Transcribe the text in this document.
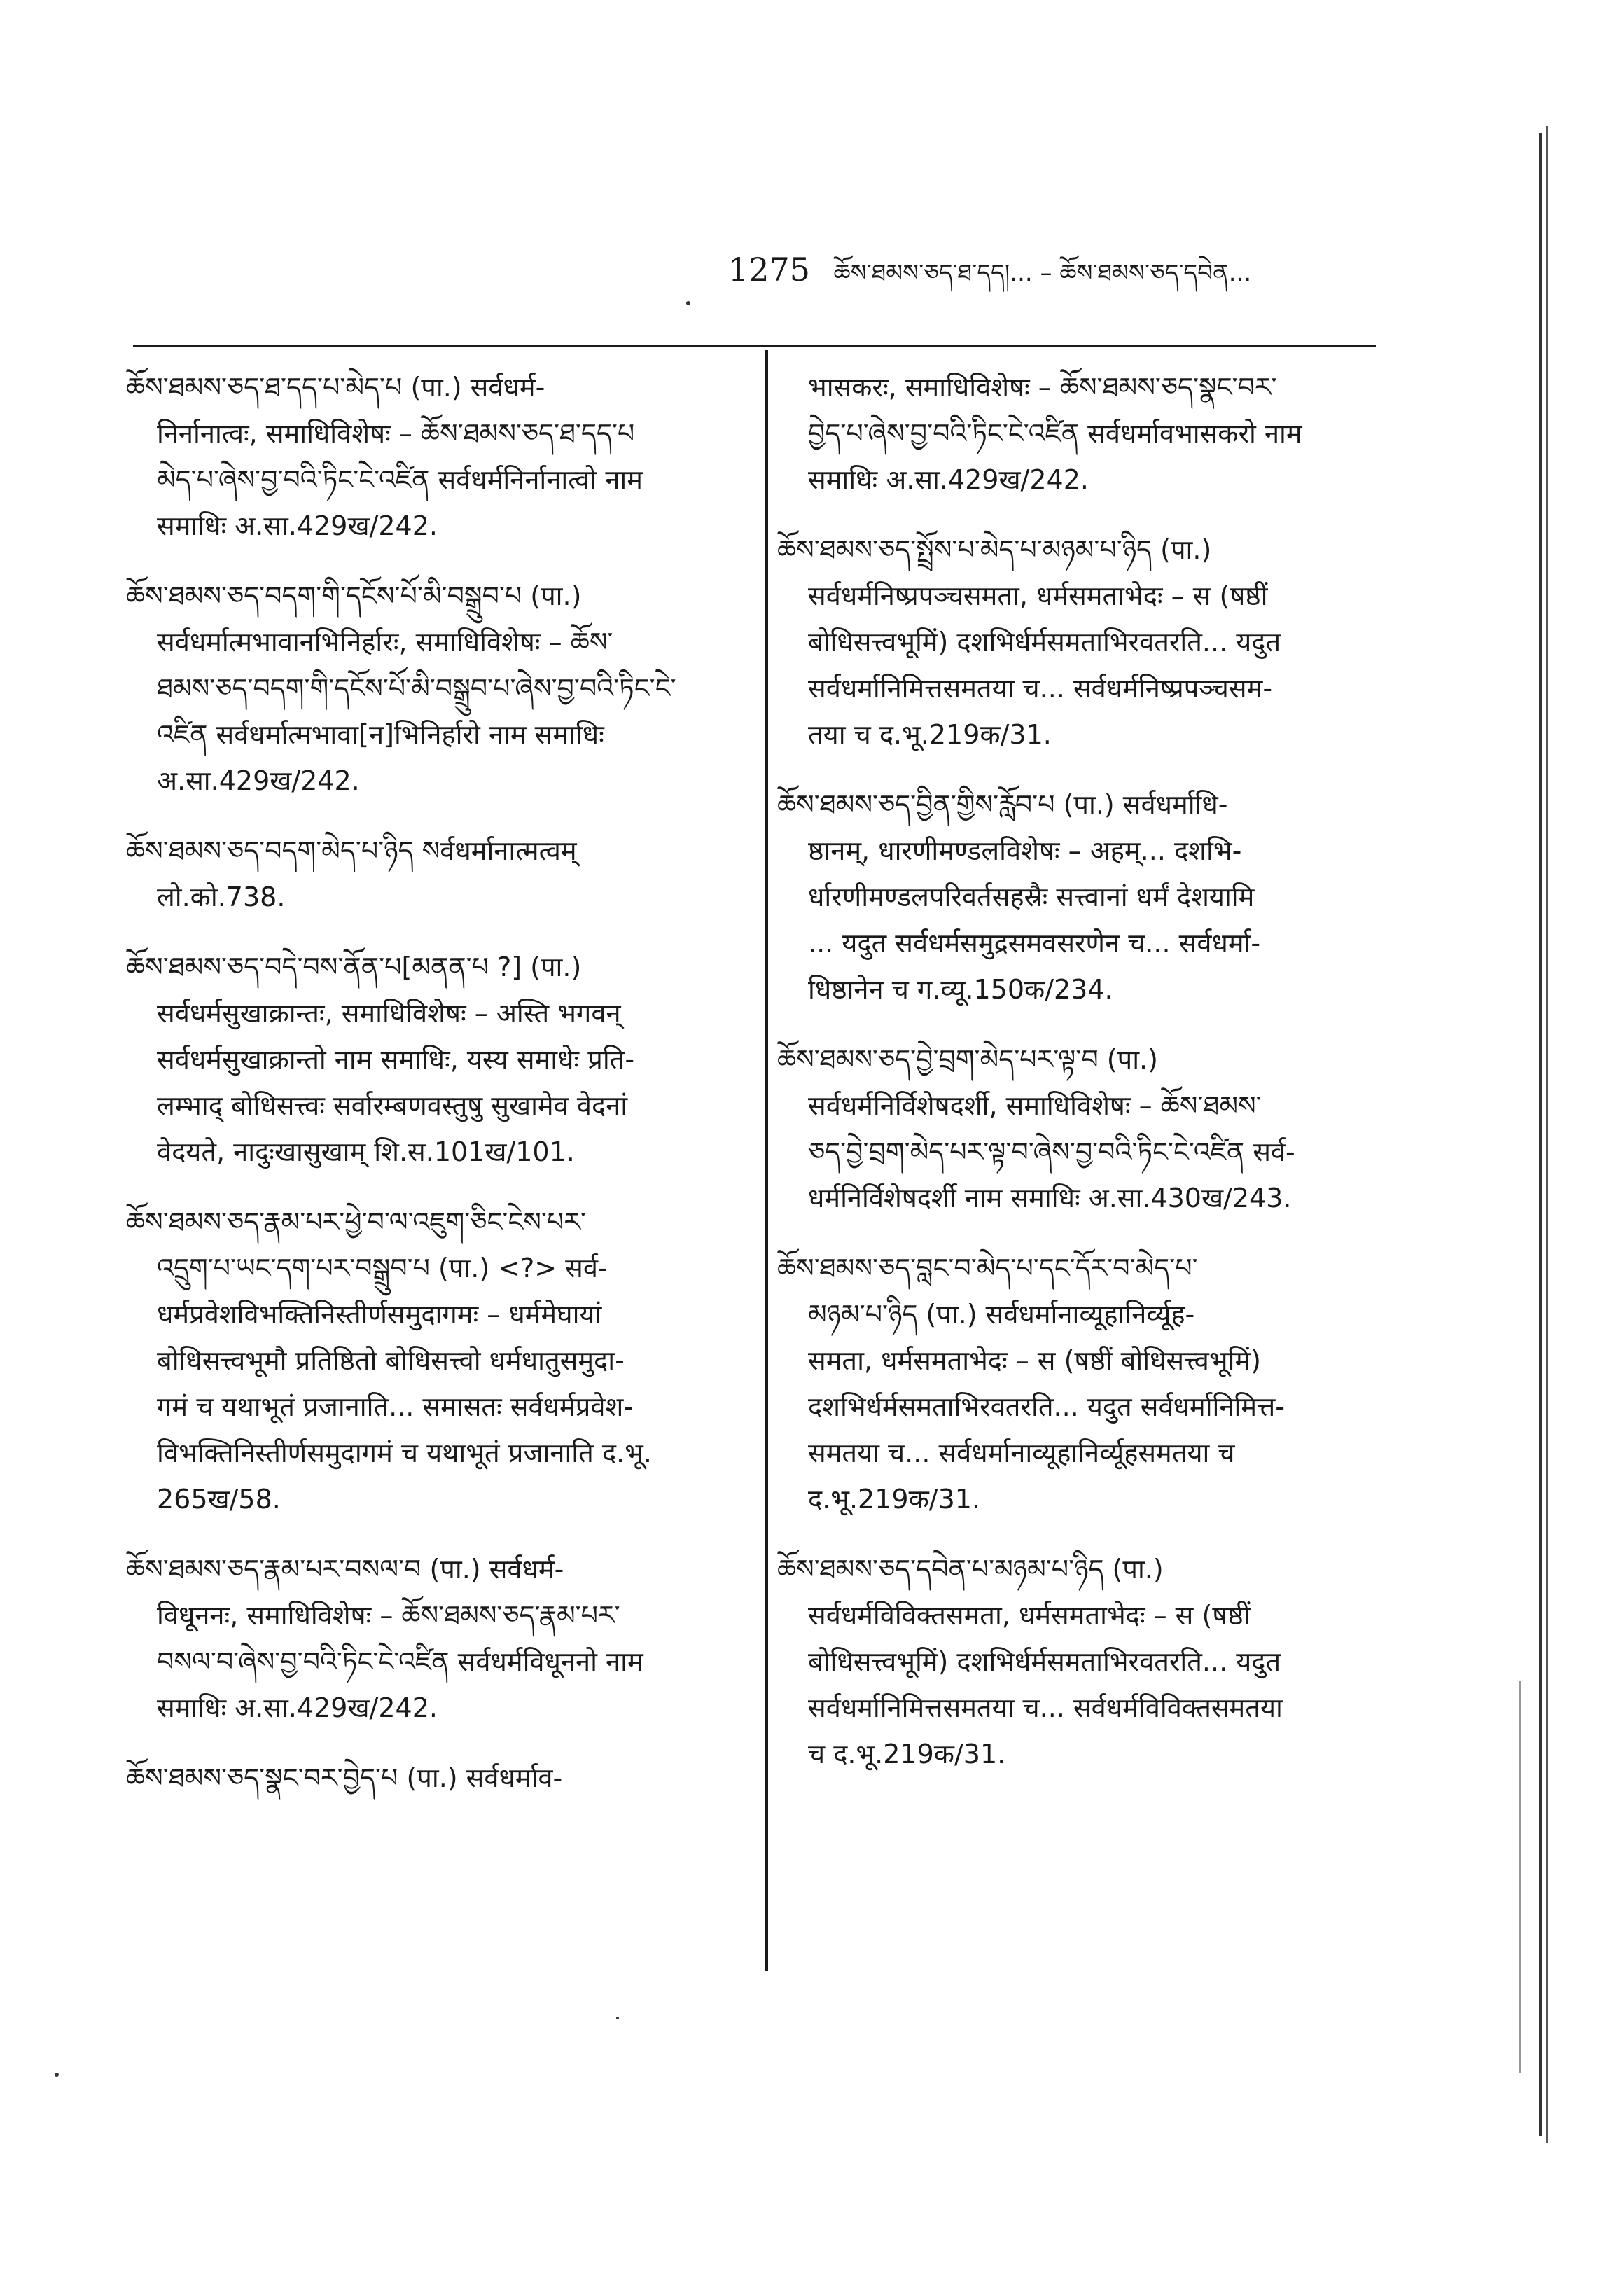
1275 ཆོས་ཐམས་ཅད་ཐ་དད།... – ཆོས་ཐམས་ཅད་དབེན...
ཆོས་ཐམས་ཅད་ཐ་དད་པ་མེད་པ (पा.) सर्वधर्म-
निर्नानात्वः, समाधिविशेषः – ཆོས་ཐམས་ཅད་ཐ་དད་པ
མེད་པ་ཞེས་བྱ་བའི་ཏིང་ངེ་འཛིན सर्वधर्मनिर्नानात्वो नाम
समाधिः अ.सा.429ख/242.
ཆོས་ཐམས་ཅད་བདག་གི་དངོས་པོ་མི་བསྒྲུབ་པ (पा.)
सर्वधर्मात्मभावानभिनिर्हारः, समाधिविशेषः – ཆོས་
ཐམས་ཅད་བདག་གི་དངོས་པོ་མི་བསྒྲུབ་པ་ཞེས་བྱ་བའི་ཏིང་ངེ་
འཛིན सर्वधर्मात्मभावा[न]भिनिर्हारो नाम समाधिः
अ.सा.429ख/242.
ཆོས་ཐམས་ཅད་བདག་མེད་པ་ཉིད སर्वधर्मानात्मत्वम्
लो.को.738.
ཆོས་ཐམས་ཅད་བདེ་བས་ནོན་པ[མནན་པ ?] (पा.)
सर्वधर्मसुखाक्रान्तः, समाधिविशेषः – अस्ति भगवन्
सर्वधर्मसुखाक्रान्तो नाम समाधिः, यस्य समाधेः प्रति-
लम्भाद् बोधिसत्त्वः सर्वारम्बणवस्तुषु सुखामेव वेदनां
वेदयते, नादुःखासुखाम् शि.स.101ख/101.
ཆོས་ཐམས་ཅད་རྣམ་པར་ཕྱེ་བ་ལ་འཇུག་ཅིང་ངེས་པར་
འདྲུག་པ་ཡང་དག་པར་བསྒྲུབ་པ (पा.) <?> सर्व-
धर्मप्रवेशविभक्तिनिस्तीर्णसमुदागमः – धर्ममेघायां
बोधिसत्त्वभूमौ प्रतिष्ठितो बोधिसत्त्वो धर्मधातुसमुदा-
गमं च यथाभूतं प्रजानाति... समासतः सर्वधर्मप्रवेश-
विभक्तिनिस्तीर्णसमुदागमं च यथाभूतं प्रजानाति द.भू.
265ख/58.
ཆོས་ཐམས་ཅད་རྣམ་པར་བསལ་བ (पा.) सर्वधर्म-
विधूननः, समाधिविशेषः – ཆོས་ཐམས་ཅད་རྣམ་པར་
བསལ་བ་ཞེས་བྱ་བའི་ཏིང་ངེ་འཛིན सर्वधर्मविधूननो नाम
समाधिः अ.सा.429ख/242.
ཆོས་ཐམས་ཅད་སྣང་བར་བྱེད་པ (पा.) सर्वधर्माव-
भासकरः, समाधिविशेषः – ཆོས་ཐམས་ཅད་སྣང་བར་
བྱེད་པ་ཞེས་བྱ་བའི་ཏིང་ངེ་འཛིན सर्वधर्मावभासकरो नाम
समाधिः अ.सा.429ख/242.
ཆོས་ཐམས་ཅད་སྤྲོས་པ་མེད་པ་མཉམ་པ་ཉིད (पा.)
सर्वधर्मनिष्प्रपञ्चसमता, धर्मसमताभेदः – स (षष्ठीं
बोधिसत्त्वभूमिं) दशभिर्धर्मसमताभिरवतरति... यदुत
सर्वधर्मानिमित्तसमतया च... सर्वधर्मनिष्प्रपञ्चसम-
तया च द.भू.219क/31.
ཆོས་ཐམས་ཅད་བྱིན་གྱིས་རློབ་པ (पा.) सर्वधर्माधि-
ष्ठानम्, धारणीमण्डलविशेषः – अहम्... दशभि-
र्धारणीमण्डलपरिवर्तसहस्रैः सत्त्वानां धर्मं देशयामि
... यदुत सर्वधर्मसमुद्रसमवसरणेन च... सर्वधर्मा-
धिष्ठानेन च ग.व्यू.150क/234.
ཆོས་ཐམས་ཅད་བྱེ་བྲག་མེད་པར་ལྟ་བ (पा.)
सर्वधर्मनिर्विशेषदर्शी, समाधिविशेषः – ཆོས་ཐམས་
ཅད་བྱེ་བྲག་མེད་པར་ལྟ་བ་ཞེས་བྱ་བའི་ཏིང་ངེ་འཛིན सर्व-
धर्मनिर्विशेषदर्शी नाम समाधिः अ.सा.430ख/243.
ཆོས་ཐམས་ཅད་བླང་བ་མེད་པ་དང་དོར་བ་མེད་པ་
མཉམ་པ་ཉིད (पा.) सर्वधर्मानाव्यूहानिर्व्यूह-
समता, धर्मसमताभेदः – स (षष्ठीं बोधिसत्त्वभूमिं)
दशभिर्धर्मसमताभिरवतरति... यदुत सर्वधर्मानिमित्त-
समतया च... सर्वधर्मानाव्यूहानिर्व्यूहसमतया च
द.भू.219क/31.
ཆོས་ཐམས་ཅད་དབེན་པ་མཉམ་པ་ཉིད (पा.)
सर्वधर्मविविक्तसमता, धर्मसमताभेदः – स (षष्ठीं
बोधिसत्त्वभूमिं) दशभिर्धर्मसमताभिरवतरति... यदुत
सर्वधर्मानिमित्तसमतया च... सर्वधर्मविविक्तसमतया
च द.भू.219क/31.
